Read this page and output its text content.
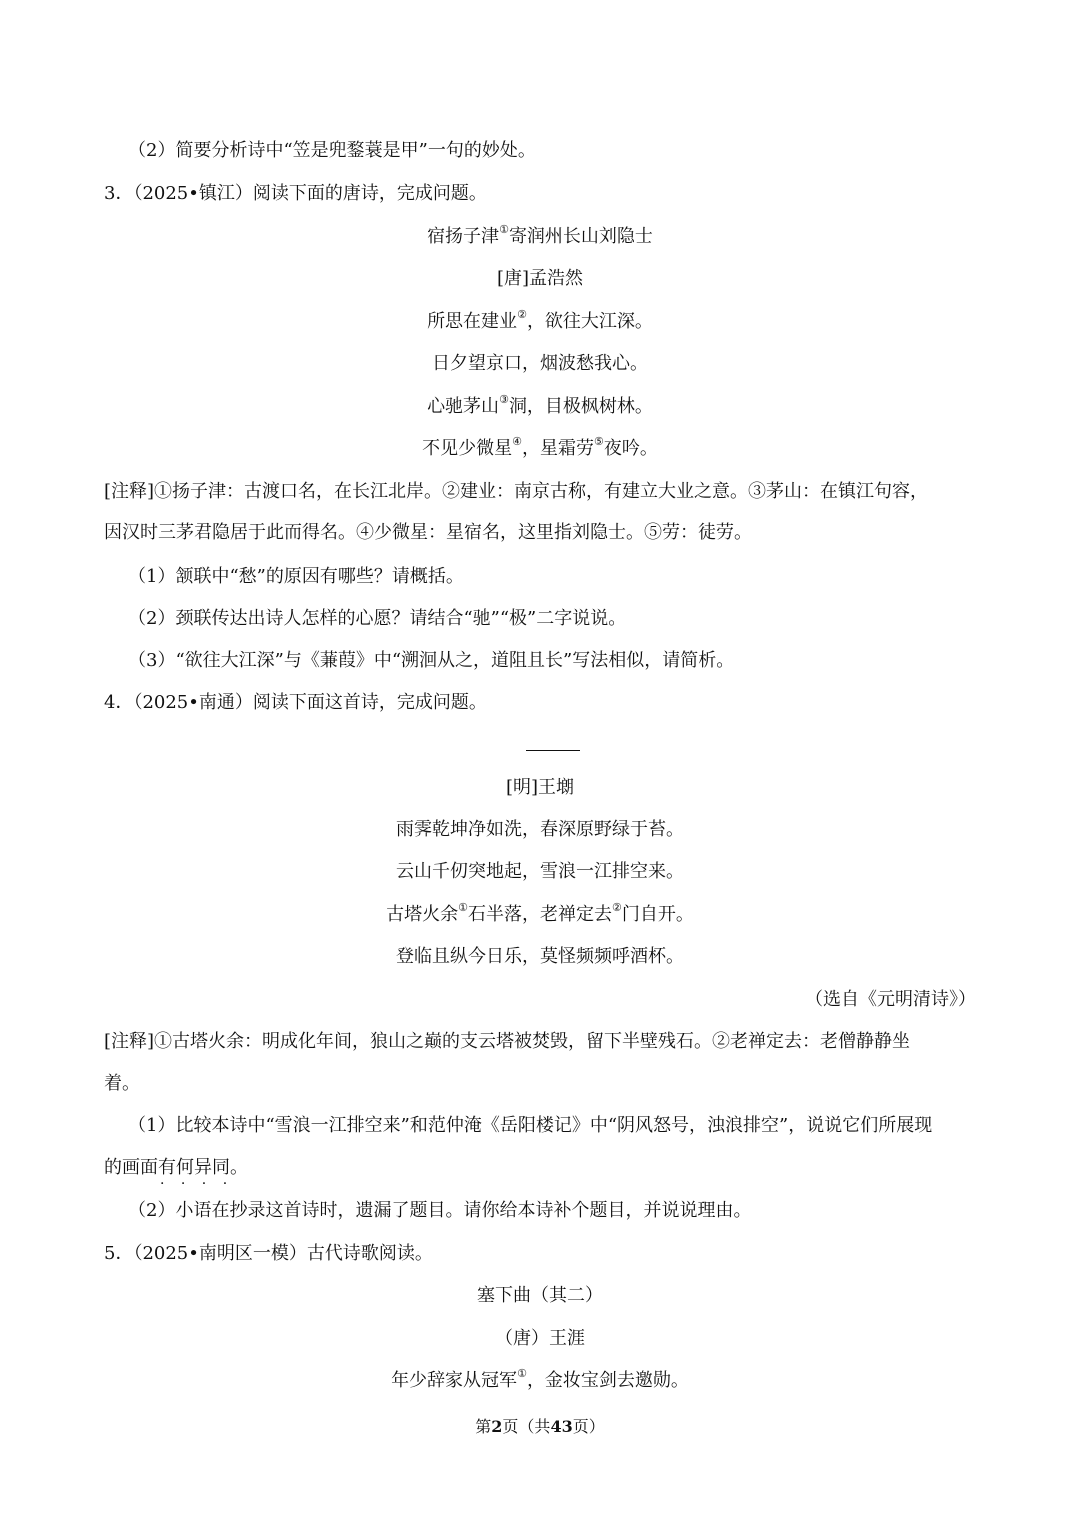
（2）简要分析诗中“笠是兜鍪蓑是甲”一句的妙处。
3．（2025•镇江）阅读下面的唐诗，完成问题。
宿扬子津①寄润州长山刘隐士
[唐]孟浩然
所思在建业②，欲往大江深。
日夕望京口，烟波愁我心。
心驰茅山③洞，目极枫树林。
不见少微星④，星霜劳⑤夜吟。
[注释]①扬子津：古渡口名，在长江北岸。②建业：南京古称，有建立大业之意。③茅山：在镇江句容，
因汉时三茅君隐居于此而得名。④少微星：星宿名，这里指刘隐士。⑤劳：徒劳。
（1）颔联中“愁”的原因有哪些？请概括。
（2）颈联传达出诗人怎样的心愿？请结合“驰”“极”二字说说。
（3）“欲往大江深”与《蒹葭》中“溯洄从之，道阻且长”写法相似，请简析。
4．（2025•南通）阅读下面这首诗，完成问题。
[明]王㙟
雨霁乾坤净如洗，春深原野绿于苔。
云山千仞突地起，雪浪一江排空来。
古塔火余①石半落，老禅定去②门自开。
登临且纵今日乐，莫怪频频呼酒杯。
（选自《元明清诗》）
[注释]①古塔火余：明成化年间，狼山之巅的支云塔被焚毁，留下半壁残石。②老禅定去：老僧静静坐
着。
（1）比较本诗中“雪浪一江排空来”和范仲淹《岳阳楼记》中“阴风怒号，浊浪排空”，说说它们所展现
的画面有何异同 · · · ·。
（2）小语在抄录这首诗时，遗漏了题目。请你给本诗补个题目，并说说理由。
5．（2025•南明区一模）古代诗歌阅读。
塞下曲（其二）
（唐）王涯
年少辞家从冠军①，金妆宝剑去邀勋。
第2页（共43页）
